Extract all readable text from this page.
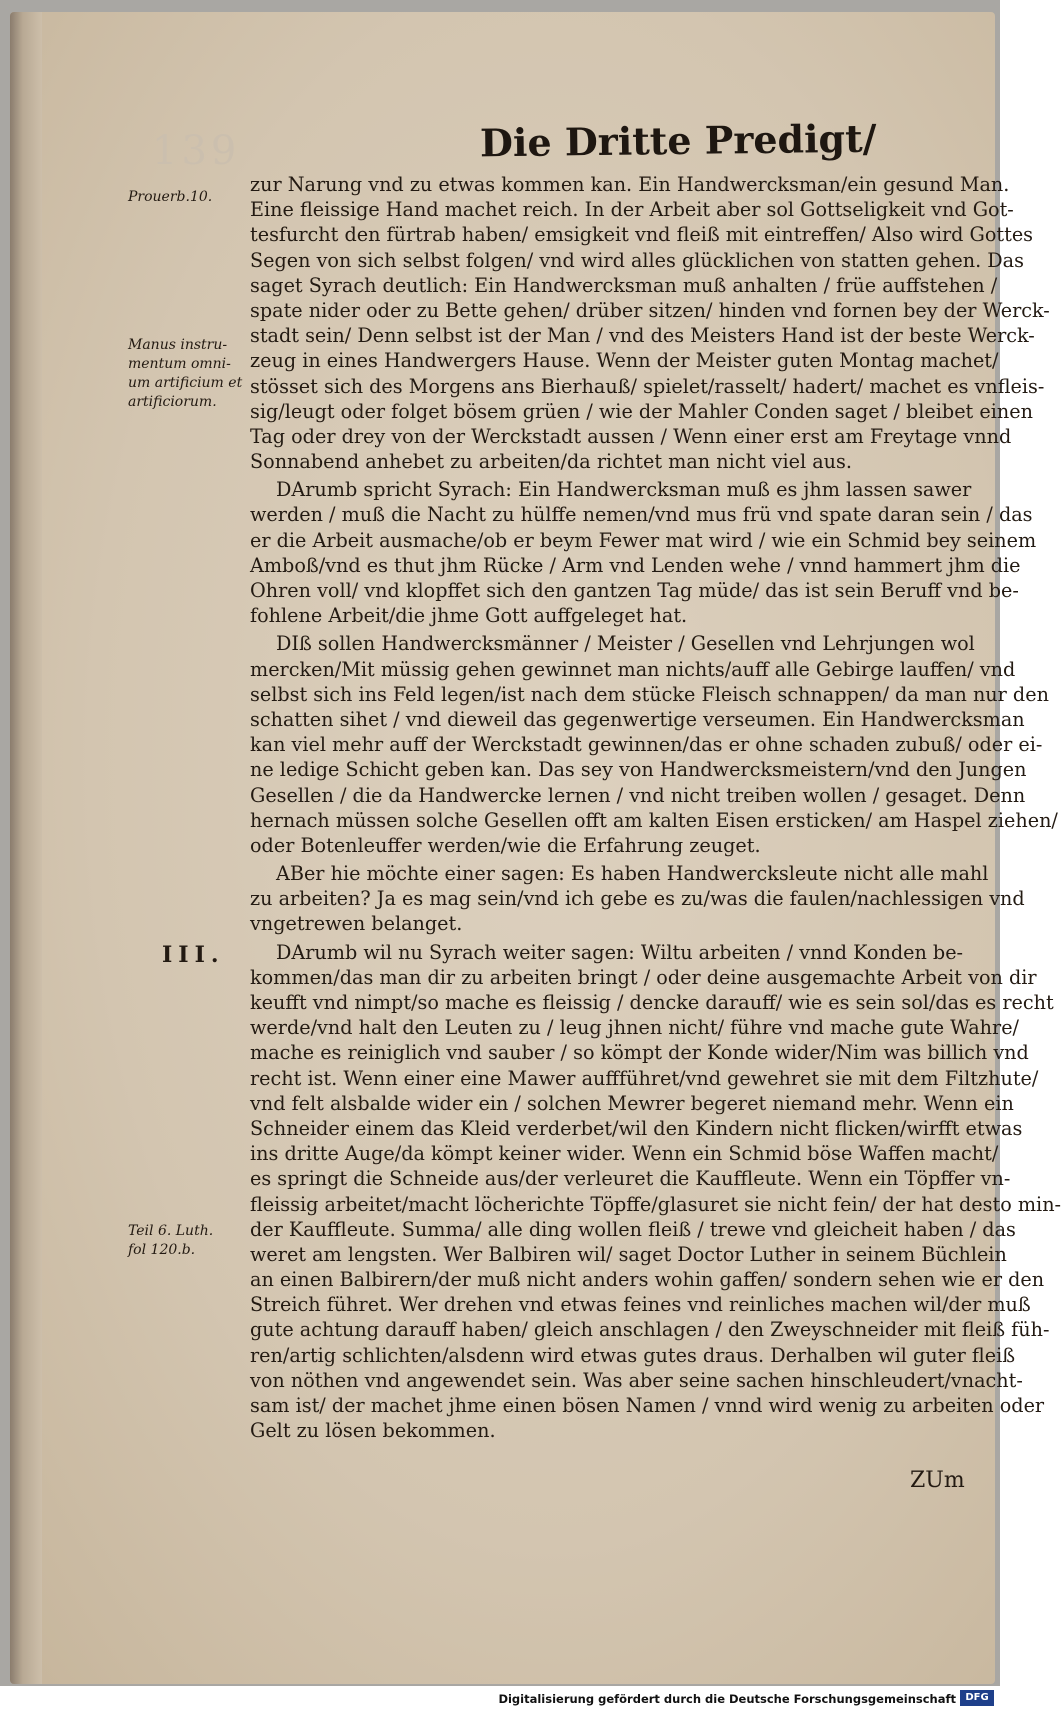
139	Die Dritte Predigt/
Prouerb.10.
Manus instru-
mentum omni-
um artificium et
artificiorum.
III.
Teil 6. Luth.
fol 120.b.
zur Narung vnd zu etwas kommen kan. Ein Handwercksman/ein gesund Man.
Eine fleissige Hand machet reich. In der Arbeit aber sol Gottseligkeit vnd Got-
tesfurcht den fürtrab haben/ emsigkeit vnd fleiß mit eintreffen/ Also wird Gottes
Segen von sich selbst folgen/ vnd wird alles glücklichen von statten gehen. Das
saget Syrach deutlich: Ein Handwercksman muß anhalten / früe auffstehen /
spate nider oder zu Bette gehen/ drüber sitzen/ hinden vnd fornen bey der Werck-
stadt sein/ Denn selbst ist der Man / vnd des Meisters Hand ist der beste Werck-
zeug in eines Handwergers Hause. Wenn der Meister guten Montag machet/
stösset sich des Morgens ans Bierhauß/ spielet/rasselt/ hadert/ machet es vnfleis-
sig/leugt oder folget bösem grüen / wie der Mahler Conden saget / bleibet einen
Tag oder drey von der Werckstadt aussen / Wenn einer erst am Freytage vnnd
Sonnabend anhebet zu arbeiten/da richtet man nicht viel aus.
DArumb spricht Syrach: Ein Handwercksman muß es jhm lassen sawer
werden / muß die Nacht zu hülffe nemen/vnd mus frü vnd spate daran sein / das
er die Arbeit ausmache/ob er beym Fewer mat wird / wie ein Schmid bey seinem
Amboß/vnd es thut jhm Rücke / Arm vnd Lenden wehe / vnnd hammert jhm die
Ohren voll/ vnd klopffet sich den gantzen Tag müde/ das ist sein Beruff vnd be-
fohlene Arbeit/die jhme Gott auffgeleget hat.
DIß sollen Handwercksmänner / Meister / Gesellen vnd Lehrjungen wol
mercken/Mit müssig gehen gewinnet man nichts/auff alle Gebirge lauffen/ vnd
selbst sich ins Feld legen/ist nach dem stücke Fleisch schnappen/ da man nur den
schatten sihet / vnd dieweil das gegenwertige verseumen. Ein Handwercksman
kan viel mehr auff der Werckstadt gewinnen/das er ohne schaden zubuß/ oder ei-
ne ledige Schicht geben kan. Das sey von Handwercksmeistern/vnd den Jungen
Gesellen / die da Handwercke lernen / vnd nicht treiben wollen / gesaget. Denn
hernach müssen solche Gesellen offt am kalten Eisen ersticken/ am Haspel ziehen/
oder Botenleuffer werden/wie die Erfahrung zeuget.
ABer hie möchte einer sagen: Es haben Handwercksleute nicht alle mahl
zu arbeiten? Ja es mag sein/vnd ich gebe es zu/was die faulen/nachlessigen vnd
vngetrewen belanget.
DArumb wil nu Syrach weiter sagen: Wiltu arbeiten / vnnd Konden be-
kommen/das man dir zu arbeiten bringt / oder deine ausgemachte Arbeit von dir
keufft vnd nimpt/so mache es fleissig / dencke darauff/ wie es sein sol/das es recht
werde/vnd halt den Leuten zu / leug jhnen nicht/ führe vnd mache gute Wahre/
mache es reiniglich vnd sauber / so kömpt der Konde wider/Nim was billich vnd
recht ist. Wenn einer eine Mawer auffführet/vnd gewehret sie mit dem Filtzhute/
vnd felt alsbalde wider ein / solchen Mewrer begeret niemand mehr. Wenn ein
Schneider einem das Kleid verderbet/wil den Kindern nicht flicken/wirfft etwas
ins dritte Auge/da kömpt keiner wider. Wenn ein Schmid böse Waffen macht/
es springt die Schneide aus/der verleuret die Kauffleute. Wenn ein Töpffer vn-
fleissig arbeitet/macht löcherichte Töpffe/glasuret sie nicht fein/ der hat desto min-
der Kauffleute. Summa/ alle ding wollen fleiß / trewe vnd gleicheit haben / das
weret am lengsten. Wer Balbiren wil/ saget Doctor Luther in seinem Büchlein
an einen Balbirern/der muß nicht anders wohin gaffen/ sondern sehen wie er den
Streich führet. Wer drehen vnd etwas feines vnd reinliches machen wil/der muß
gute achtung darauff haben/ gleich anschlagen / den Zweyschneider mit fleiß füh-
ren/artig schlichten/alsdenn wird etwas gutes draus. Derhalben wil guter fleiß
von nöthen vnd angewendet sein. Was aber seine sachen hinschleudert/vnacht-
sam ist/ der machet jhme einen bösen Namen / vnnd wird wenig zu arbeiten oder
Gelt zu lösen bekommen.
ZUm
Digitalisierung gefördert durch die Deutsche Forschungsgemeinschaft DFG
